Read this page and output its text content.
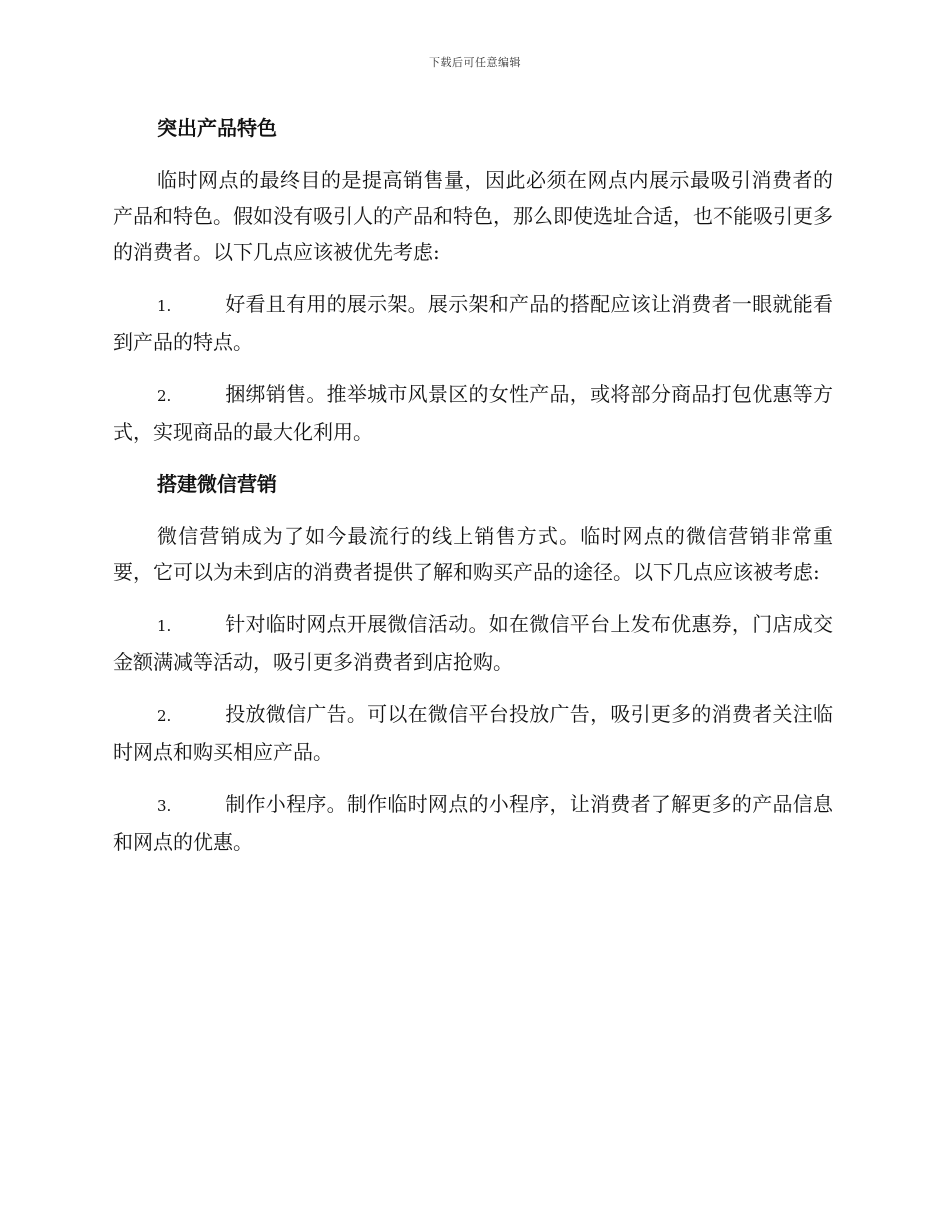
下载后可任意编辑
突出产品特色

临时网点的最终目的是提高销售量，因此必须在网点内展示最吸引消费者的产品和特色。假如没有吸引人的产品和特色，那么即使选址合适，也不能吸引更多的消费者。以下几点应该被优先考虑:

1.	好看且有用的展示架。展示架和产品的搭配应该让消费者一眼就能看到产品的特点。

2.	捆绑销售。推举城市风景区的女性产品，或将部分商品打包优惠等方式，实现商品的最大化利用。

搭建微信营销

微信营销成为了如今最流行的线上销售方式。临时网点的微信营销非常重要，它可以为未到店的消费者提供了解和购买产品的途径。以下几点应该被考虑:

1.	针对临时网点开展微信活动。如在微信平台上发布优惠券，门店成交金额满减等活动，吸引更多消费者到店抢购。

2.	投放微信广告。可以在微信平台投放广告，吸引更多的消费者关注临时网点和购买相应产品。

3.	制作小程序。制作临时网点的小程序，让消费者了解更多的产品信息和网点的优惠。
